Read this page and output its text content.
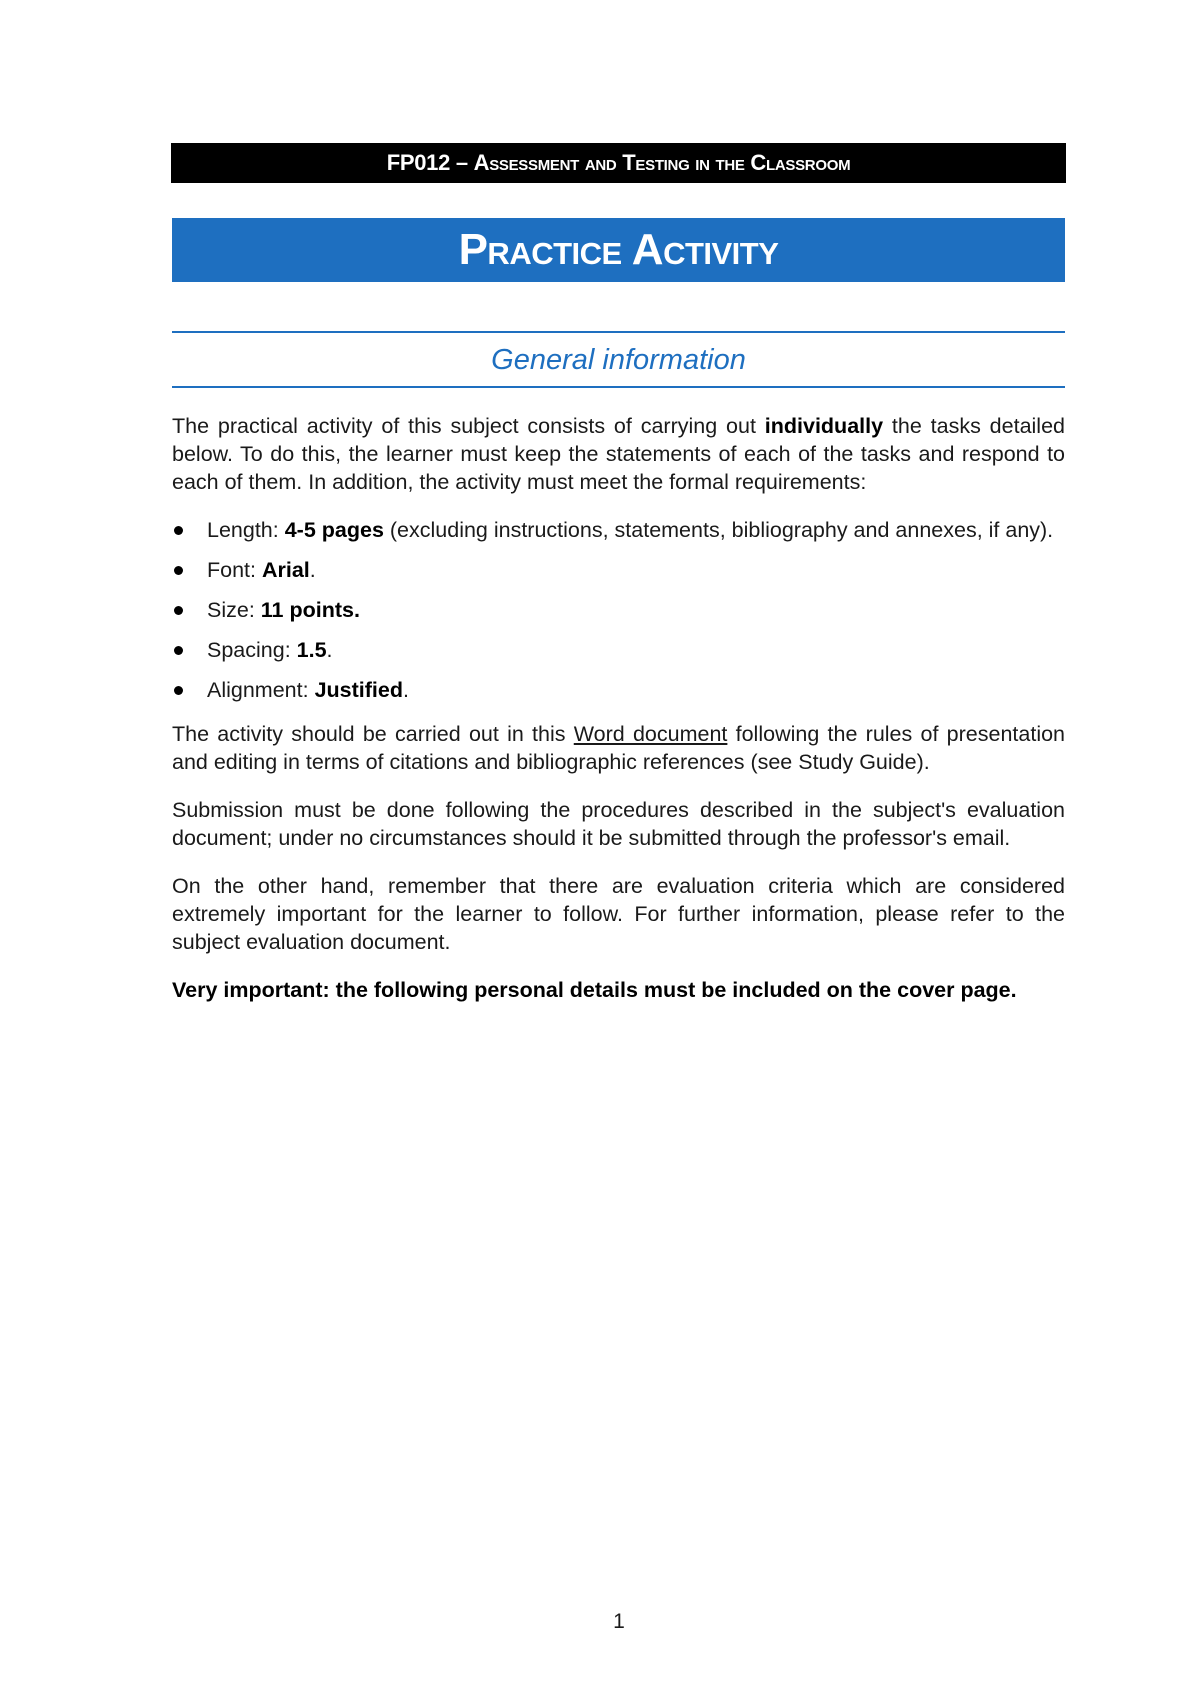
FP012 –
Assessment
and
Testing
in
the
Classroom
Practice Activity
General information

The practical activity of this subject consists of carrying out individually the tasks detailed below. To do this, the learner must keep the statements of each of the tasks and respond to each of them. In addition, the activity must meet the formal requirements:

Length: 4-5 pages (excluding instructions, statements, bibliography and annexes, if any).
Font: Arial.
Size: 11 points.
Spacing: 1.5.
Alignment: Justified.

The activity should be carried out in this Word document following the rules of presentation and editing in terms of citations and bibliographic references (see Study Guide).

Submission must be done following the procedures described in the subject's evaluation document; under no circumstances should it be submitted through the professor's email.

On the other hand, remember that there are evaluation criteria which are considered extremely important for the learner to follow. For further information, please refer to the subject evaluation document.

Very important: the following personal details must be included on the cover page.

1
